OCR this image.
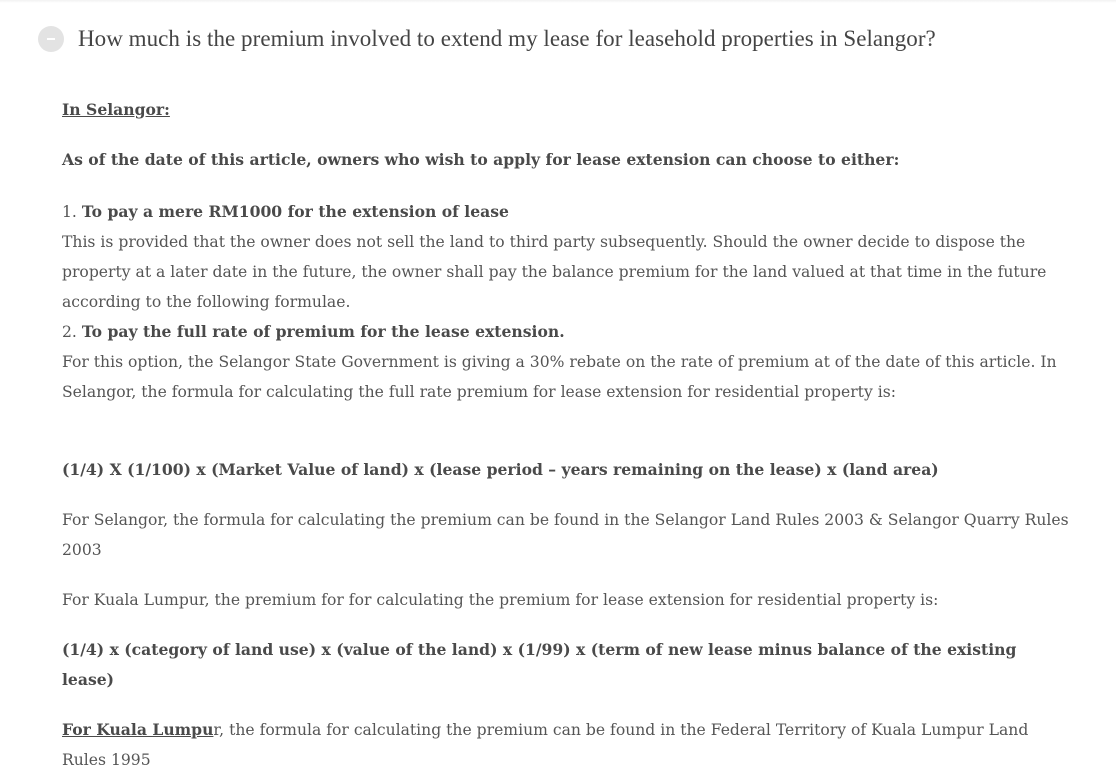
How much is the premium involved to extend my lease for leasehold properties in Selangor?

In Selangor:

As of the date of this article, owners who wish to apply for lease extension can choose to either:

1. To pay a mere RM1000 for the extension of lease

This is provided that the owner does not sell the land to third party subsequently. Should the owner decide to dispose the property at a later date in the future, the owner shall pay the balance premium for the land valued at that time in the future according to the following formulae.

2. To pay the full rate of premium for the lease extension.

For this option, the Selangor State Government is giving a 30% rebate on the rate of premium at of the date of this article. In Selangor, the formula for calculating the full rate premium for lease extension for residential property is:

(1/4) X (1/100) x (Market Value of land) x (lease period – years remaining on the lease) x (land area)

For Selangor, the formula for calculating the premium can be found in the Selangor Land Rules 2003 & Selangor Quarry Rules 2003

For Kuala Lumpur, the premium for for calculating the premium for lease extension for residential property is:

(1/4) x (category of land use) x (value of the land) x (1/99) x (term of new lease minus balance of the existing lease)

For Kuala Lumpur, the formula for calculating the premium can be found in the Federal Territory of Kuala Lumpur Land Rules 1995
